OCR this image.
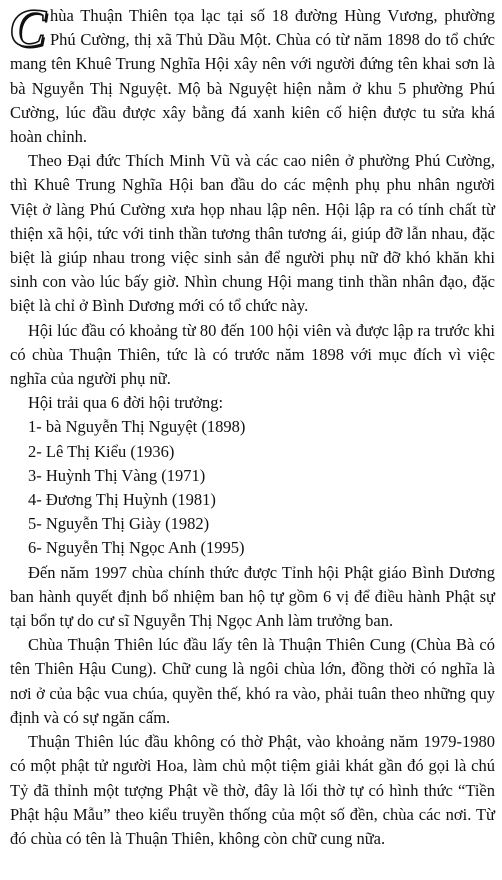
Chùa Thuận Thiên tọa lạc tại số 18 đường Hùng Vương, phường Phú Cường, thị xã Thủ Dầu Một. Chùa có từ năm 1898 do tổ chức mang tên Khuê Trung Nghĩa Hội xây nên với người đứng tên khai sơn là bà Nguyễn Thị Nguyệt. Mộ bà Nguyệt hiện nằm ở khu 5 phường Phú Cường, lúc đầu được xây bằng đá xanh kiên cố hiện được tu sửa khá hoàn chỉnh.

Theo Đại đức Thích Minh Vũ và các cao niên ở phường Phú Cường, thì Khuê Trung Nghĩa Hội ban đầu do các mệnh phụ phu nhân người Việt ở làng Phú Cường xưa họp nhau lập nên. Hội lập ra có tính chất từ thiện xã hội, tức với tinh thần tương thân tương ái, giúp đỡ lẫn nhau, đặc biệt là giúp nhau trong việc sinh sản để người phụ nữ đỡ khó khăn khi sinh con vào lúc bấy giờ. Nhìn chung Hội mang tinh thần nhân đạo, đặc biệt là chỉ ở Bình Dương mới có tổ chức này.

Hội lúc đầu có khoảng từ 80 đến 100 hội viên và được lập ra trước khi có chùa Thuận Thiên, tức là có trước năm 1898 với mục đích vì việc nghĩa của người phụ nữ.

Hội trải qua 6 đời hội trưởng:
1- bà Nguyễn Thị Nguyệt (1898)
2- Lê Thị Kiểu (1936)
3- Huỳnh Thị Vàng (1971)
4- Đương Thị Huỳnh (1981)
5- Nguyễn Thị Giày (1982)
6- Nguyễn Thị Ngọc Anh (1995)

Đến năm 1997 chùa chính thức được Tỉnh hội Phật giáo Bình Dương ban hành quyết định bổ nhiệm ban hộ tự gồm 6 vị để điều hành Phật sự tại bổn tự do cư sĩ Nguyễn Thị Ngọc Anh làm trưởng ban.

Chùa Thuận Thiên lúc đầu lấy tên là Thuận Thiên Cung (Chùa Bà có tên Thiên Hậu Cung). Chữ cung là ngôi chùa lớn, đồng thời có nghĩa là nơi ở của bậc vua chúa, quyền thế, khó ra vào, phải tuân theo những quy định và có sự ngăn cấm.

Thuận Thiên lúc đầu không có thờ Phật, vào khoảng năm 1979-1980 có một phật tử người Hoa, làm chủ một tiệm giải khát gần đó gọi là chú Tỷ đã thỉnh một tượng Phật về thờ, đây là lối thờ tự có hình thức “Tiền Phật hậu Mẫu” theo kiểu truyền thống của một số đền, chùa các nơi. Từ đó chùa có tên là Thuận Thiên, không còn chữ cung nữa.
